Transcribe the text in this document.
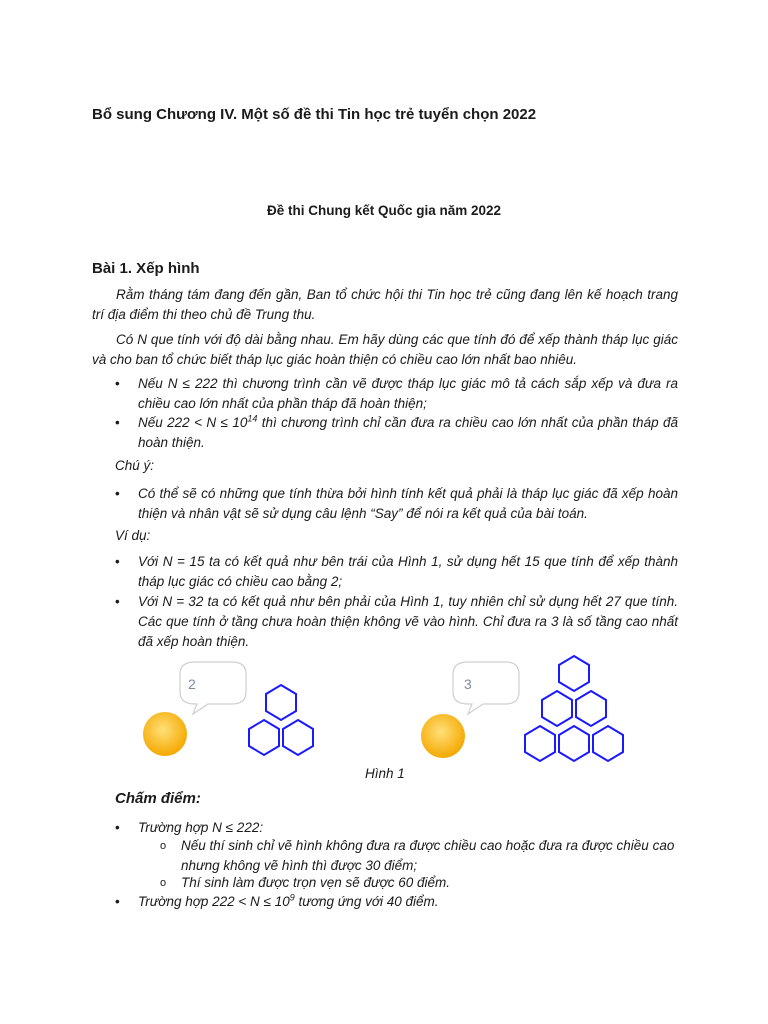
Bổ sung Chương IV. Một số đề thi Tin học trẻ tuyển chọn 2022
Đề thi Chung kết Quốc gia năm 2022
Bài 1. Xếp hình
Rằm tháng tám đang đến gần, Ban tổ chức hội thi Tin học trẻ cũng đang lên kế hoạch trang trí địa điểm thi theo chủ đề Trung thu.
Có N que tính với độ dài bằng nhau. Em hãy dùng các que tính đó để xếp thành tháp lục giác và cho ban tổ chức biết tháp lục giác hoàn thiện có chiều cao lớn nhất bao nhiêu.
• Nếu N ≤ 222 thì chương trình cần vẽ được tháp lục giác mô tả cách sắp xếp và đưa ra chiều cao lớn nhất của phần tháp đã hoàn thiện;
• Nếu $222 < N \le 10^{14}$ thì chương trình chỉ cần đưa ra chiều cao lớn nhất của phần tháp đã hoàn thiện.
Chú ý:
• Có thể sẽ có những que tính thừa bởi hình tính kết quả phải là tháp lục giác đã xếp hoàn thiện và nhân vật sẽ sử dụng câu lệnh “Say” để nói ra kết quả của bài toán.
Ví dụ:
• Với N = 15 ta có kết quả như bên trái của Hình 1, sử dụng hết 15 que tính để xếp thành tháp lục giác có chiều cao bằng 2;
• Với N = 32 ta có kết quả như bên phải của Hình 1, tuy nhiên chỉ sử dụng hết 27 que tính. Các que tính ở tầng chưa hoàn thiện không vẽ vào hình. Chỉ đưa ra 3 là số tầng cao nhất đã xếp hoàn thiện.
2	3
Hình 1
Chấm điểm:
• Trường hợp N ≤ 222:
o Nếu thí sinh chỉ vẽ hình không đưa ra được chiều cao hoặc đưa ra được chiều cao nhưng không vẽ hình thì được 30 điểm;
o Thí sinh làm được trọn vẹn sẽ được 60 điểm.
• Trường hợp $222 < N \le 10^9$ tương ứng với 40 điểm.
